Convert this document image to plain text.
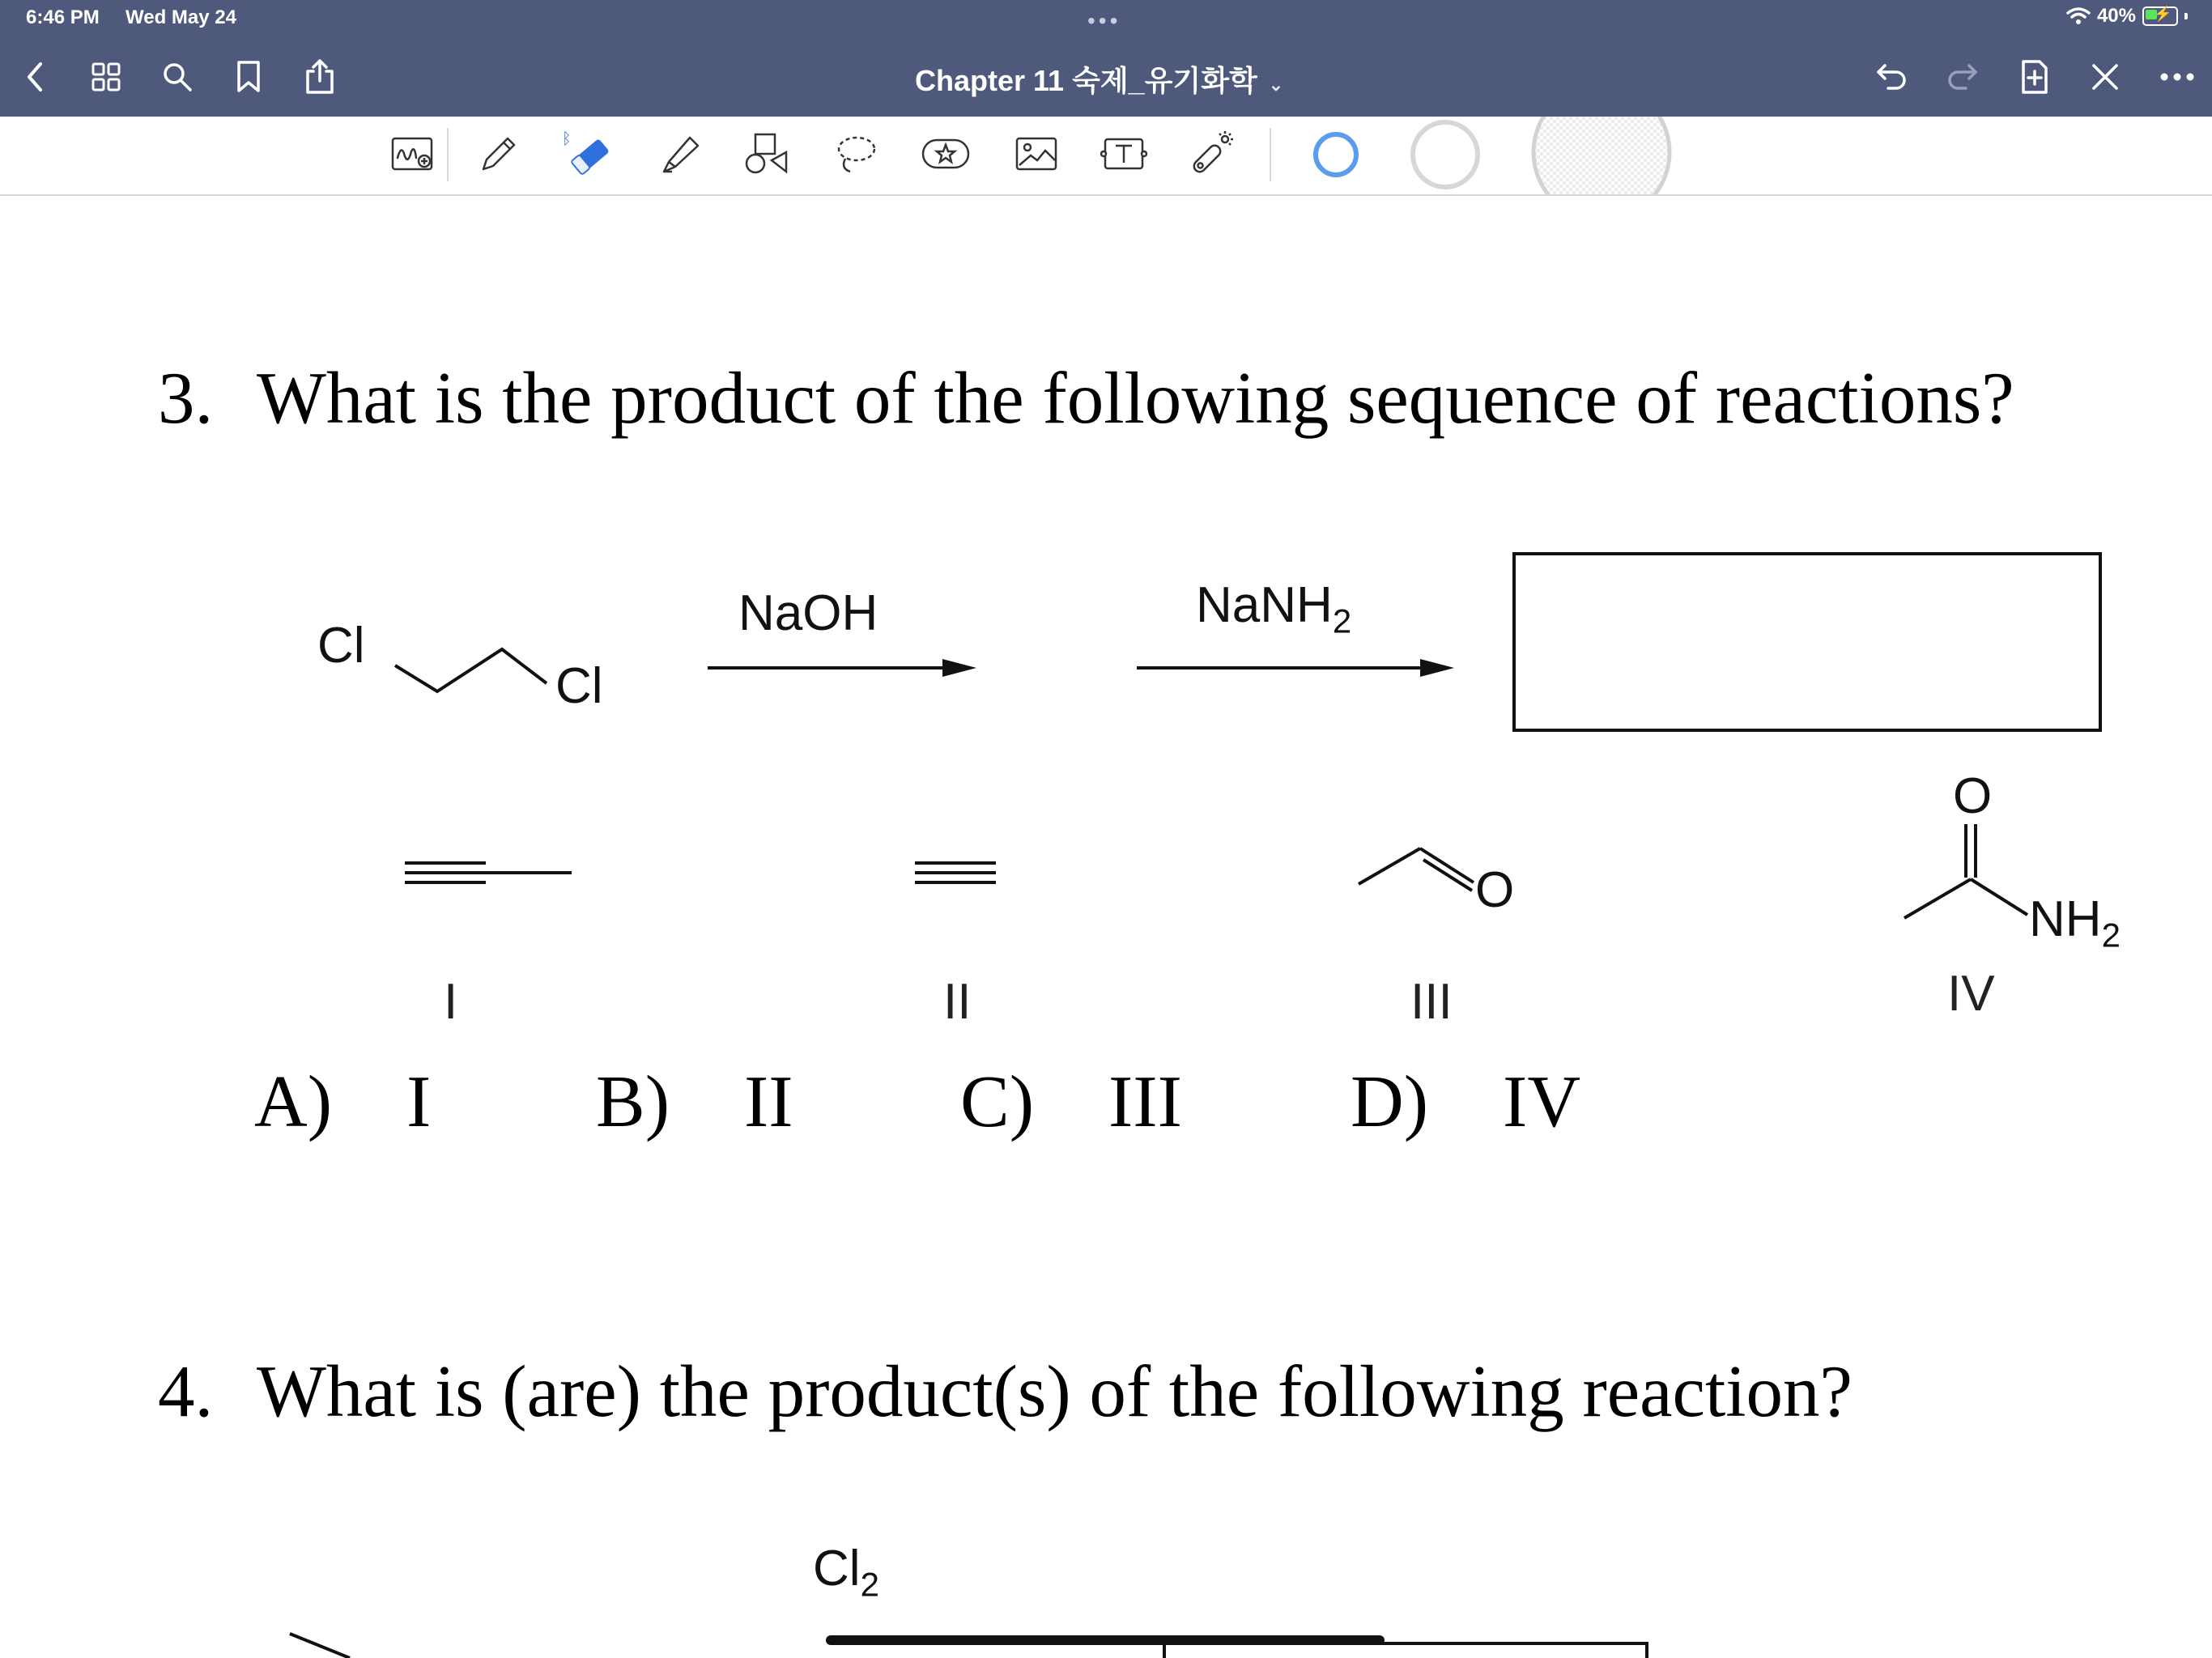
6:46 PM Wed May 24	•••	40% ⚡
Chapter 11 숙제_유기화학 ⌄
ᛒ
3. What is the product of the following sequence of reactions?
Cl
Cl
NaOH	NaNH$_2$
I	II
O
III
O
$NH_2$
IV
A) I B) II C) III D) IV
4. What is (are) the product(s) of the following reaction?
$Cl_2$
